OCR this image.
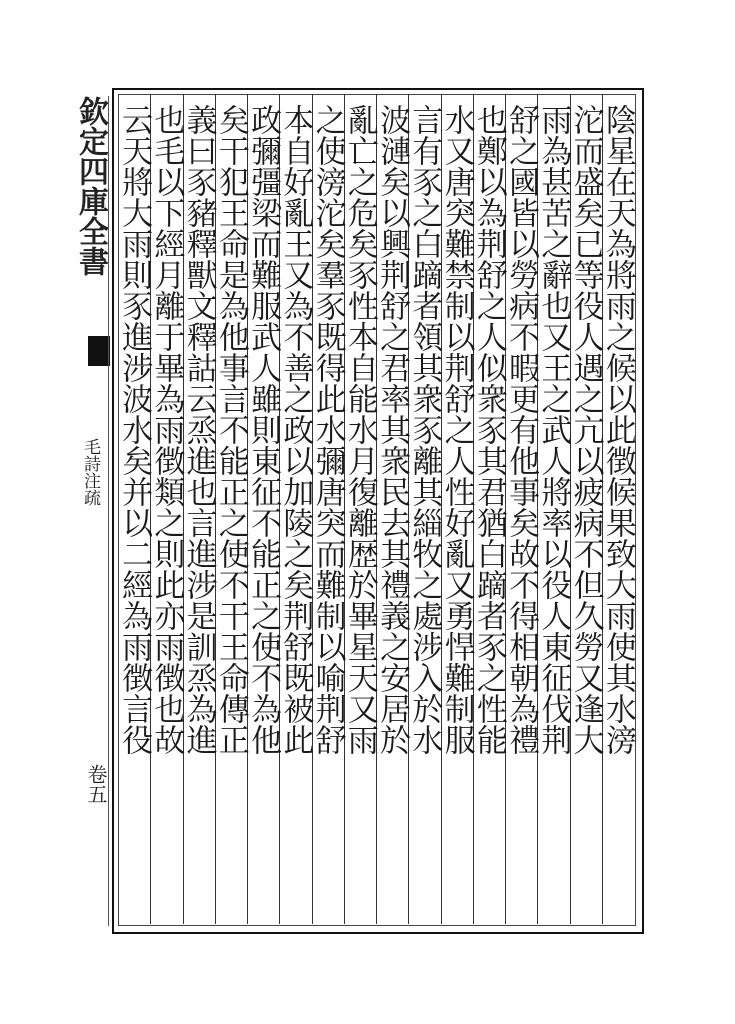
欽定四庫全書
毛詩注疏
卷五
陰星在天為將雨之候以此徴候果致大雨使其水滂
沱而盛矣已等役人遇之亢以疲病不但久勞又逢大
雨為甚苦之辭也又王之武人將率以役人東征伐荆
舒之國皆以勞病不暇更有他事矣故不得相朝為禮
也鄭以為荆舒之人似衆豕其君猶白蹢者豕之性能
水又唐突難禁制以荆舒之人性好亂又勇悍難制服
言有豕之白蹢者領其衆豕離其緇牧之處涉入於水
波漣矣以興荆舒之君率其衆民去其禮義之安居於
亂亡之危矣豕性本自能水月復離歴於畢星天又雨
之使滂沱矣羣豕既得此水彌唐突而難制以喻荆舒
本自好亂王又為不善之政以加陵之矣荆舒既被此
政彌彊梁而難服武人雖則東征不能正之使不為他
矣干犯王命是為他事言不能正之使不干王命傳正
義曰豕豬釋獸文釋詁云烝進也言進涉是訓烝為進
也毛以下經月離于畢為雨徴類之則此亦雨徴也故
云天將大雨則豕進涉波水矣并以二經為雨徴言役
